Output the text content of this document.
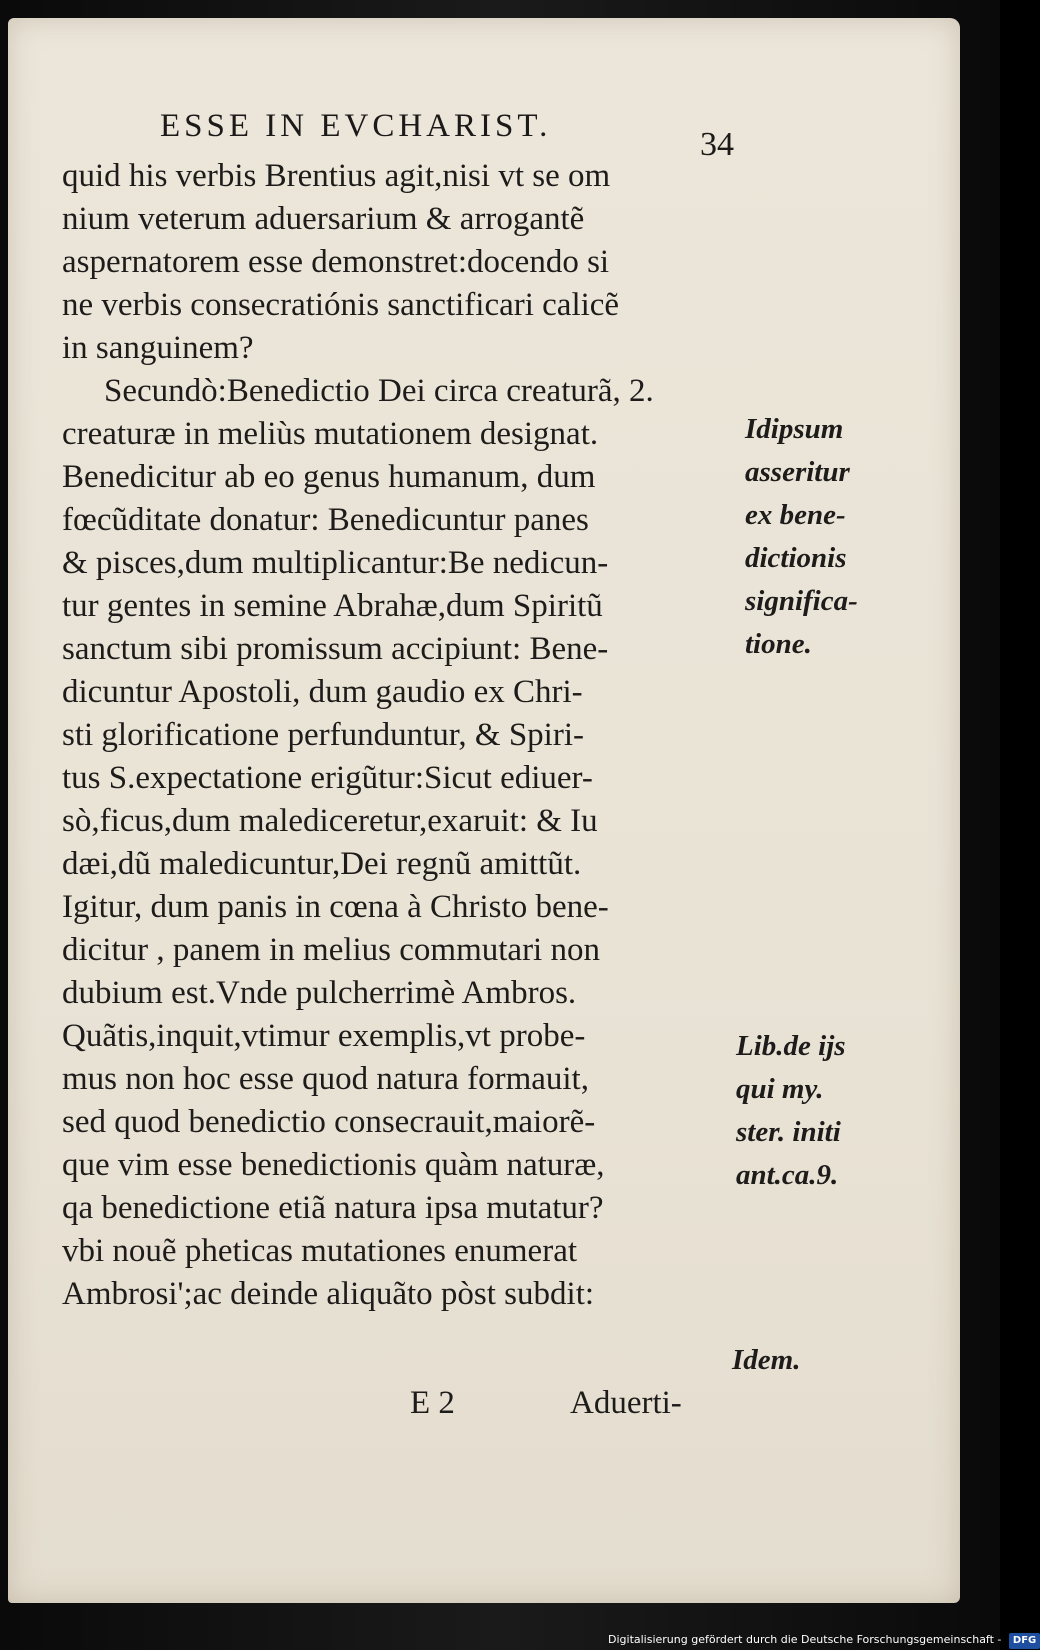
ESSE IN EVCHARIST.	34
quid his verbis Brentius agit,nisi vt se om
nium veterum aduersarium & arrogantẽ
aspernatorem esse demonstret:docendo si
ne verbis consecratiónis sanctificari calicẽ
in sanguinem?
Secundò:Benedictio Dei circa creaturã, 2.
creaturæ in meliùs mutationem designat.
Benedicitur ab eo genus humanum, dum
fœcũditate donatur: Benedicuntur panes
& pisces,dum multiplicantur:Be nedicun-
tur gentes in semine Abrahæ,dum Spiritũ
sanctum sibi promissum accipiunt: Bene-
dicuntur Apostoli, dum gaudio ex Chri-
sti glorificatione perfunduntur, & Spiri-
tus S.expectatione erigũtur:Sicut ediuer-
sò,ficus,dum malediceretur,exaruit: & Iu
dæi,dũ maledicuntur,Dei regnũ amittũt.
Igitur, dum panis in cœna à Christo bene-
dicitur , panem in melius commutari non
dubium est.Vnde pulcherrimè Ambros.
Quãtis,inquit,vtimur exemplis,vt probe-
mus non hoc esse quod natura formauit,
sed quod benedictio consecrauit,maiorẽ-
que vim esse benedictionis quàm naturæ,
qa benedictione etiã natura ipsa mutatur?
vbi nouẽ pheticas mutationes enumerat
Ambrosi';ac deinde aliquãto pòst subdit:
Idipsum
asseritur
ex bene-
dictionis
significa-
tione.
Lib.de ijs
qui my.
ster. initi
ant.ca.9.
Idem.
E 2	Aduerti-
Digitalisierung gefördert durch die Deutsche Forschungsgemeinschaft - DFG
